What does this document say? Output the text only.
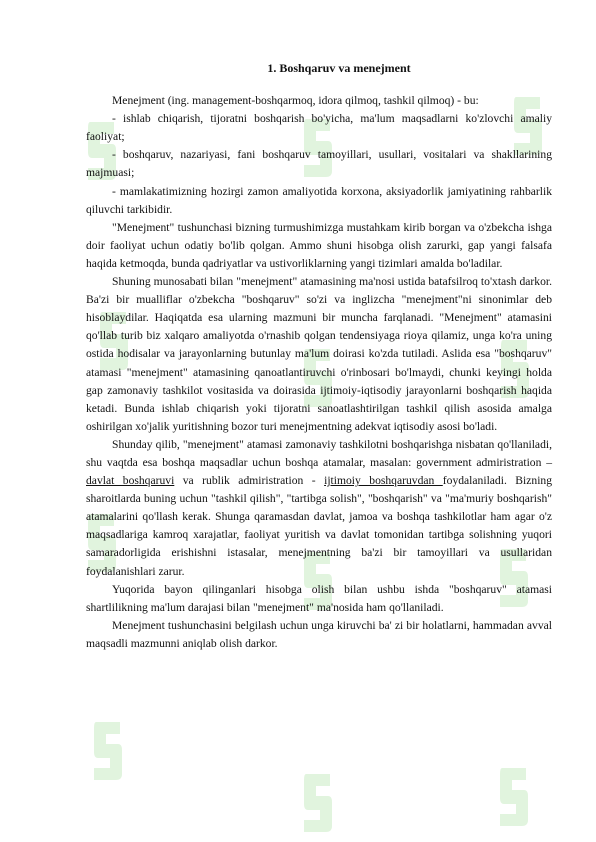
1. Boshqaruv va menejment

Menejment (ing. management-boshqarmoq, idora qilmoq, tashkil qilmoq) - bu:

- ishlab chiqarish, tijoratni boshqarish bo'yicha, ma'lum maqsadlarni ko'zlovchi amaliy faoliyat;

- boshqaruv, nazariyasi, fani boshqaruv tamoyillari, usullari, vositalari va shakllarining majmuasi;

- mamlakatimizning hozirgi zamon amaliyotida korxona, aksiyadorlik jamiyatining rahbarlik qiluvchi tarkibidir.

"Menejment" tushunchasi bizning turmushimizga mustahkam kirib borgan va o'zbekcha ishga doir faoliyat uchun odatiy bo'lib qolgan. Ammo shuni hisobga olish zarurki, gap yangi falsafa haqida ketmoqda, bunda qadriyatlar va ustivorliklarning yangi tizimlari amalda bo'ladilar.

Shuning munosabati bilan "menejment" atamasining ma'nosi ustida batafsilroq to'xtash darkor. Ba'zi bir mualliflar o'zbekcha "boshqaruv" so'zi va inglizcha "menejment"ni sinonimlar deb hisoblaydilar. Haqiqatda esa ularning mazmuni bir muncha farqlanadi. "Menejment" atamasini qo'llab turib biz xalqaro amaliyotda o'rnashib qolgan tendensiyaga rioya qilamiz, unga ko'ra uning ostida hodisalar va jarayonlarning butunlay ma'lum doirasi ko'zda tutiladi. Aslida esa "boshqaruv" atamasi "menejment" atamasining qanoatlantiruvchi o'rinbosari bo'lmaydi, chunki keyingi holda gap zamonaviy tashkilot vositasida va doirasida ijtimoiy-iqtisodiy jarayonlarni boshqarish haqida ketadi. Bunda ishlab chiqarish yoki tijoratni sanoatlashtirilgan tashkil qilish asosida amalga oshirilgan xo'jalik yuritishning bozor turi menejmentning adekvat iqtisodiy asosi bo'ladi.

Shunday qilib, "menejment" atamasi zamonaviy tashkilotni boshqarishga nisbatan qo'llaniladi, shu vaqtda esa boshqa maqsadlar uchun boshqa atamalar, masalan: government admiristration – davlat boshqaruvi va rublik admiristration - ijtimoiy boshqaruvdan foydalaniladi. Bizning sharoitlarda buning uchun "tashkil qilish", "tartibga solish", "boshqarish" va "ma'muriy boshqarish" atamalarini qo'llash kerak. Shunga qaramasdan davlat, jamoa va boshqa tashkilotlar ham agar o'z maqsadlariga kamroq xarajatlar, faoliyat yuritish va davlat tomonidan tartibga solishning yuqori samaradorligida erishishni istasalar, menejmentning ba'zi bir tamoyillari va usullaridan foydalanishlari zarur.

Yuqorida bayon qilinganlari hisobga olish bilan ushbu ishda "boshqaruv" atamasi shartlilikning ma'lum darajasi bilan "menejment" ma'nosida ham qo'llaniladi.

Menejment tushunchasini belgilash uchun unga kiruvchi ba' zi bir holatlarni, hammadan avval maqsadli mazmunni aniqlab olish darkor.
